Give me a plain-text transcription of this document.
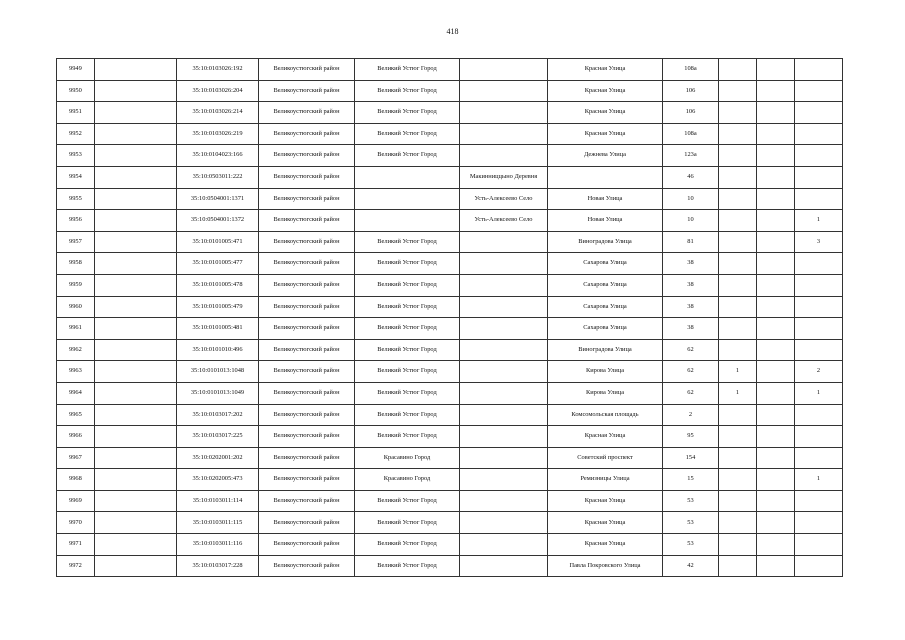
418
9949		35:10:0103026:192	Великоустюгский район	Великий Устюг Город		Красная Улица	108а			
9950		35:10:0103026:204	Великоустюгский район	Великий Устюг Город		Красная Улица	106			
9951		35:10:0103026:214	Великоустюгский район	Великий Устюг Город		Красная Улица	106			
9952		35:10:0103026:219	Великоустюгский район	Великий Устюг Город		Красная Улица	108а			
9953		35:10:0104023:166	Великоустюгский район	Великий Устюг Город		Дежнева Улица	123а			
9954		35:10:0503011:222	Великоустюгский район		Макинниццыно Деревня		46			
9955		35:10:0504001:1371	Великоустюгский район		Усть-Алексеево Село	Новая Улица	10			
9956		35:10:0504001:1372	Великоустюгский район		Усть-Алексеево Село	Новая Улица	10			1
9957		35:10:0101005:471	Великоустюгский район	Великий Устюг Город		Виноградова Улица	81			3
9958		35:10:0101005:477	Великоустюгский район	Великий Устюг Город		Сахарова Улица	38			
9959		35:10:0101005:478	Великоустюгский район	Великий Устюг Город		Сахарова Улица	38			
9960		35:10:0101005:479	Великоустюгский район	Великий Устюг Город		Сахарова Улица	38			
9961		35:10:0101005:481	Великоустюгский район	Великий Устюг Город		Сахарова Улица	38			
9962		35:10:0101010:496	Великоустюгский район	Великий Устюг Город		Виноградова Улица	62			
9963		35:10:0101013:1048	Великоустюгский район	Великий Устюг Город		Кирова Улица	62	1		2
9964		35:10:0101013:1049	Великоустюгский район	Великий Устюг Город		Кирова Улица	62	1		1
9965		35:10:0103017:202	Великоустюгский район	Великий Устюг Город		Комсомольская площадь	2			
9966		35:10:0103017:225	Великоустюгский район	Великий Устюг Город		Красная Улица	95			
9967		35:10:0202001:202	Великоустюгский район	Красавино Город		Советский проспект	154			
9968		35:10:0202005:473	Великоустюгский район	Красавино Город		Ремизницы Улица	15			1
9969		35:10:0103011:114	Великоустюгский район	Великий Устюг Город		Красная Улица	53			
9970		35:10:0103011:115	Великоустюгский район	Великий Устюг Город		Красная Улица	53			
9971		35:10:0103011:116	Великоустюгский район	Великий Устюг Город		Красная Улица	53			
9972		35:10:0103017:228	Великоустюгский район	Великий Устюг Город		Павла Покровского Улица	42			
